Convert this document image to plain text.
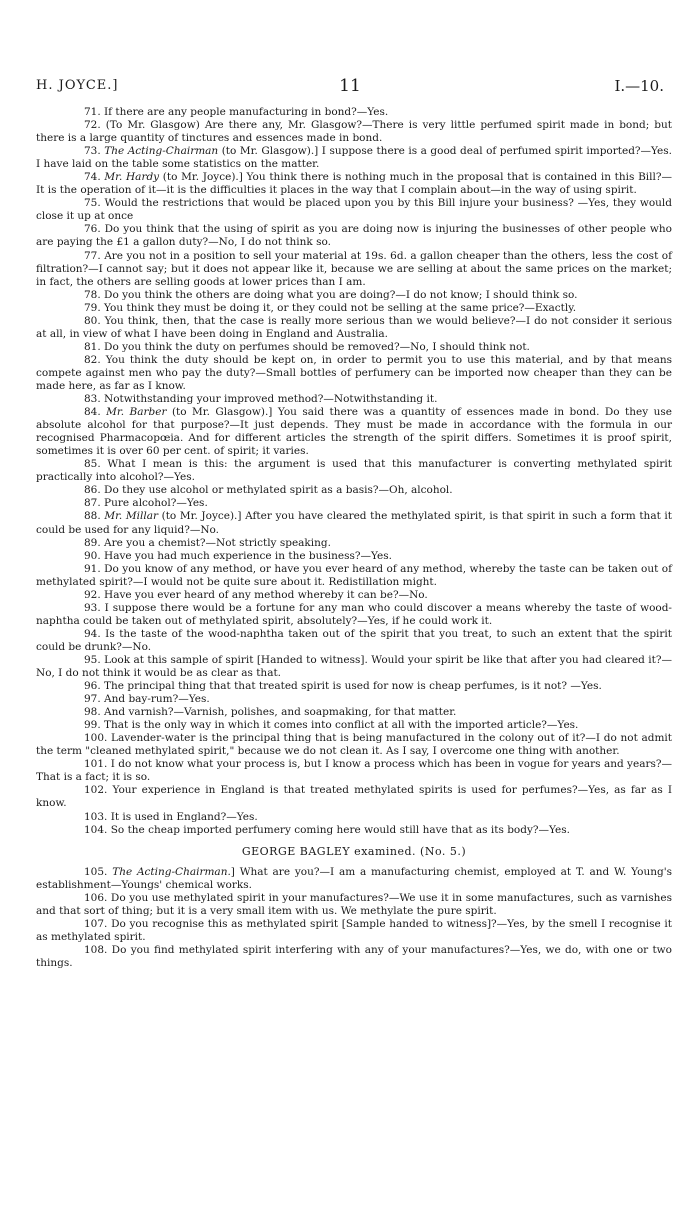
H. JOYCE.]	11	I.—10.

71. If there are any people manufacturing in bond?—Yes.

72. (To Mr. Glasgow) Are there any, Mr. Glasgow?—There is very little perfumed spirit made in bond; but there is a large quantity of tinctures and essences made in bond.

73. The Acting-Chairman (to Mr. Glasgow).] I suppose there is a good deal of perfumed spirit imported?—Yes. I have laid on the table some statistics on the matter.

74. Mr. Hardy (to Mr. Joyce).] You think there is nothing much in the proposal that is contained in this Bill?—It is the operation of it—it is the difficulties it places in the way that I complain about—in the way of using spirit.

75. Would the restrictions that would be placed upon you by this Bill injure your business? —Yes, they would close it up at once

76. Do you think that the using of spirit as you are doing now is injuring the businesses of other people who are paying the £1 a gallon duty?—No, I do not think so.

77. Are you not in a position to sell your material at 19s. 6d. a gallon cheaper than the others, less the cost of filtration?—I cannot say; but it does not appear like it, because we are selling at about the same prices on the market; in fact, the others are selling goods at lower prices than I am.

78. Do you think the others are doing what you are doing?—I do not know; I should think so.

79. You think they must be doing it, or they could not be selling at the same price?—Exactly.

80. You think, then, that the case is really more serious than we would believe?—I do not consider it serious at all, in view of what I have been doing in England and Australia.

81. Do you think the duty on perfumes should be removed?—No, I should think not.

82. You think the duty should be kept on, in order to permit you to use this material, and by that means compete against men who pay the duty?—Small bottles of perfumery can be imported now cheaper than they can be made here, as far as I know.

83. Notwithstanding your improved method?—Notwithstanding it.

84. Mr. Barber (to Mr. Glasgow).] You said there was a quantity of essences made in bond. Do they use absolute alcohol for that purpose?—It just depends. They must be made in accordance with the formula in our recognised Pharmacopœia. And for different articles the strength of the spirit differs. Sometimes it is proof spirit, sometimes it is over 60 per cent. of spirit; it varies.

85. What I mean is this: the argument is used that this manufacturer is converting methylated spirit practically into alcohol?—Yes.

86. Do they use alcohol or methylated spirit as a basis?—Oh, alcohol.

87. Pure alcohol?—Yes.

88. Mr. Millar (to Mr. Joyce).] After you have cleared the methylated spirit, is that spirit in such a form that it could be used for any liquid?—No.

89. Are you a chemist?—Not strictly speaking.

90. Have you had much experience in the business?—Yes.

91. Do you know of any method, or have you ever heard of any method, whereby the taste can be taken out of methylated spirit?—I would not be quite sure about it. Redistillation might.

92. Have you ever heard of any method whereby it can be?—No.

93. I suppose there would be a fortune for any man who could discover a means whereby the taste of wood-naphtha could be taken out of methylated spirit, absolutely?—Yes, if he could work it.

94. Is the taste of the wood-naphtha taken out of the spirit that you treat, to such an extent that the spirit could be drunk?—No.

95. Look at this sample of spirit [Handed to witness]. Would your spirit be like that after you had cleared it?—No, I do not think it would be as clear as that.

96. The principal thing that that treated spirit is used for now is cheap perfumes, is it not? —Yes.

97. And bay-rum?—Yes.

98. And varnish?—Varnish, polishes, and soapmaking, for that matter.

99. That is the only way in which it comes into conflict at all with the imported article?—Yes.

100. Lavender-water is the principal thing that is being manufactured in the colony out of it?—I do not admit the term "cleaned methylated spirit," because we do not clean it. As I say, I overcome one thing with another.

101. I do not know what your process is, but I know a process which has been in vogue for years and years?—That is a fact; it is so.

102. Your experience in England is that treated methylated spirits is used for perfumes?—Yes, as far as I know.

103. It is used in England?—Yes.

104. So the cheap imported perfumery coming here would still have that as its body?—Yes.

GEORGE BAGLEY examined. (No. 5.)

105. The Acting-Chairman.] What are you?—I am a manufacturing chemist, employed at T. and W. Young's establishment—Youngs' chemical works.

106. Do you use methylated spirit in your manufactures?—We use it in some manufactures, such as varnishes and that sort of thing; but it is a very small item with us. We methylate the pure spirit.

107. Do you recognise this as methylated spirit [Sample handed to witness]?—Yes, by the smell I recognise it as methylated spirit.

108. Do you find methylated spirit interfering with any of your manufactures?—Yes, we do, with one or two things.
